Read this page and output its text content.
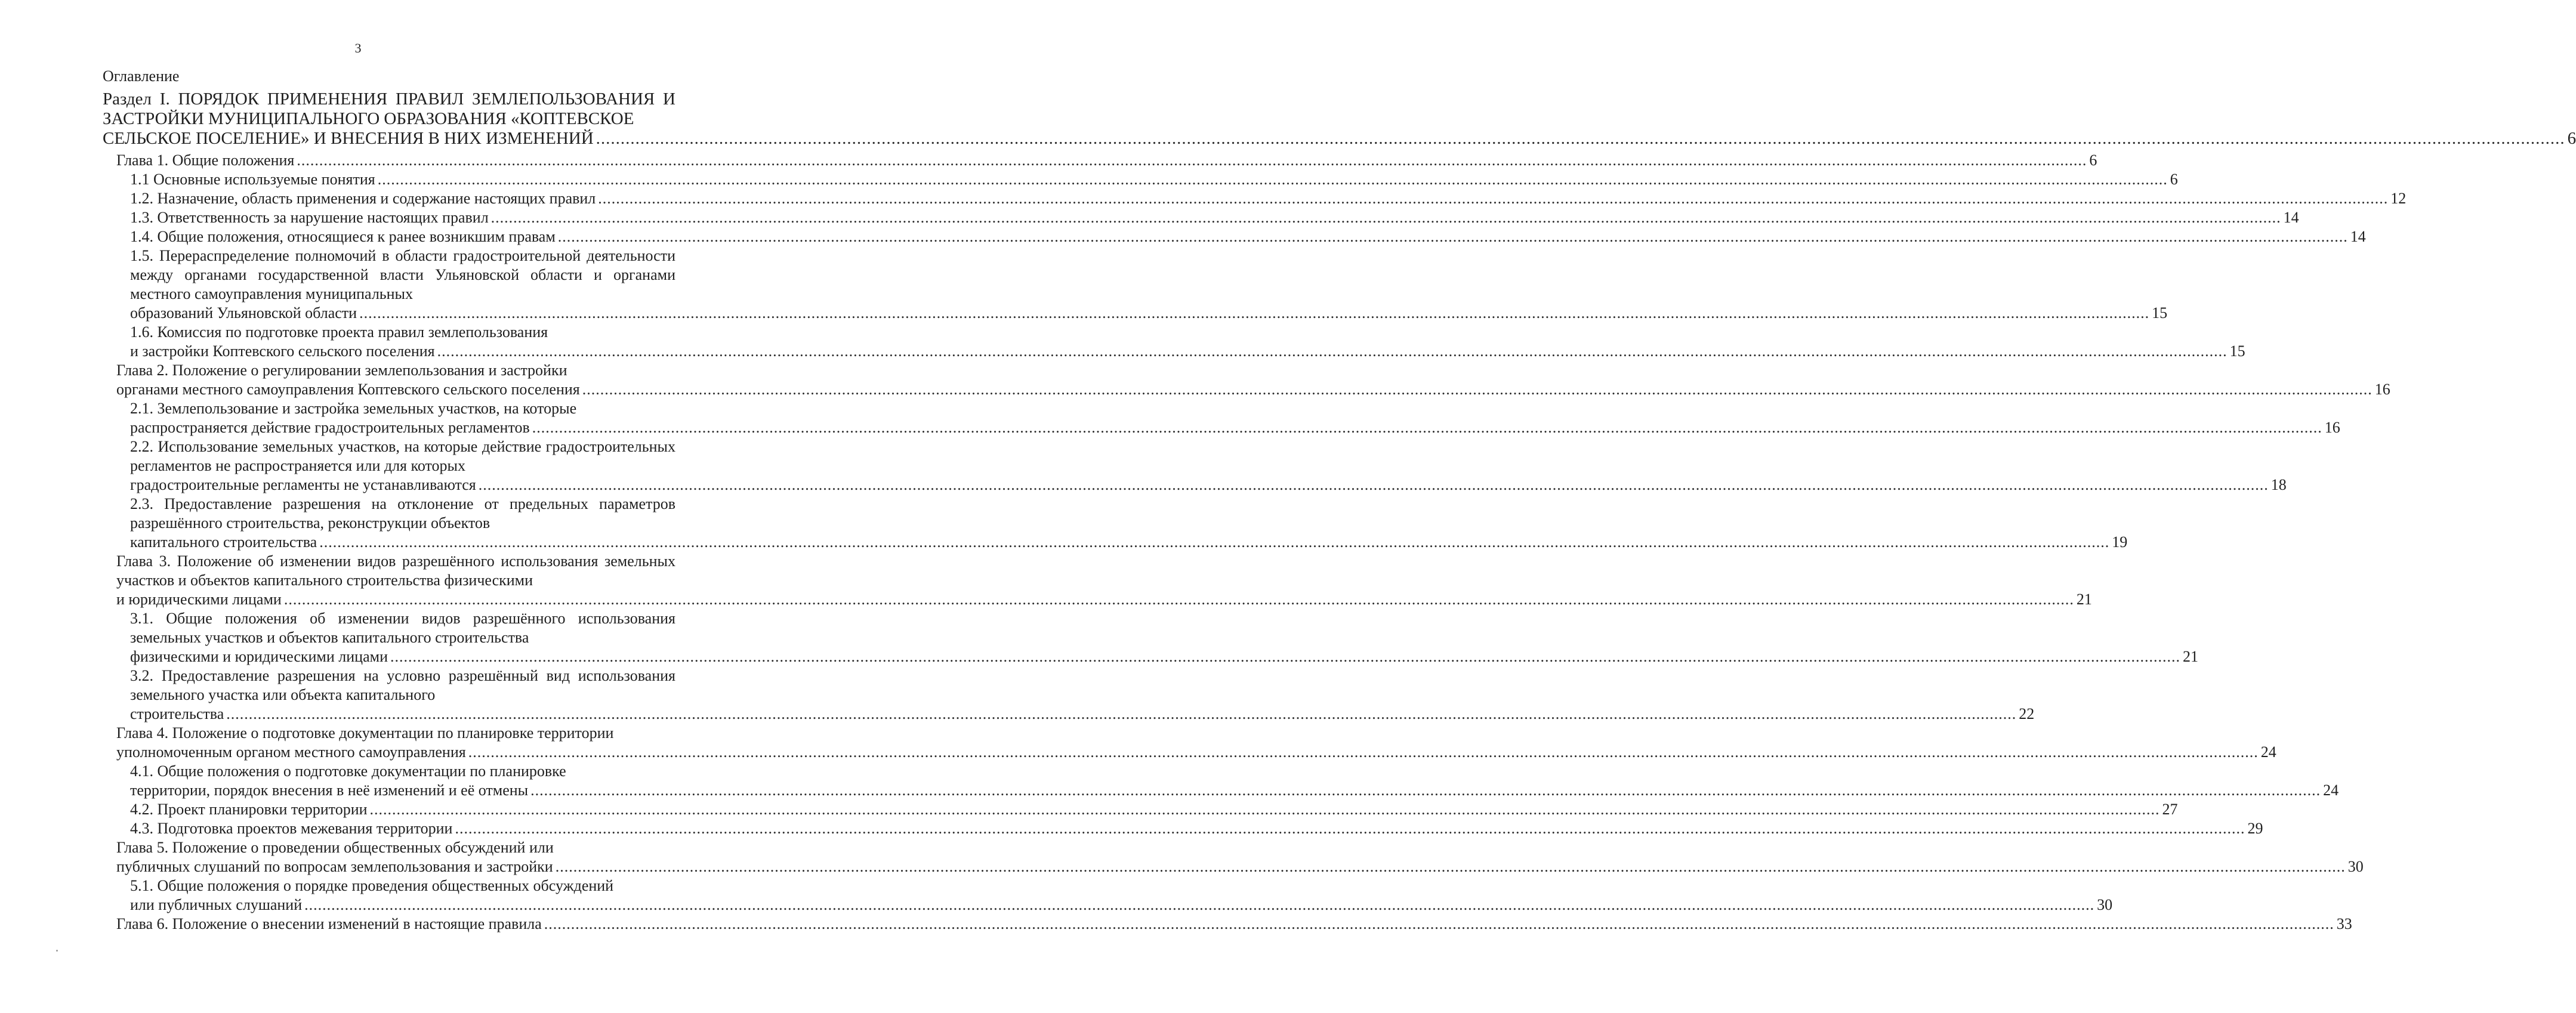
3
Оглавление
Раздел I. ПОРЯДОК ПРИМЕНЕНИЯ ПРАВИЛ ЗЕМЛЕПОЛЬЗОВАНИЯ И ЗАСТРОЙКИ МУНИЦИПАЛЬНОГО ОБРАЗОВАНИЯ «КОПТЕВСКОЕ
СЕЛЬСКОЕ ПОСЕЛЕНИЕ» И ВНЕСЕНИЯ В НИХ ИЗМЕНЕНИЙ ................................................................................................................................................................................................................................................................................................................................................................................................................ 6
Глава 1. Общие положения ................................................................................................................................................................................................................................................................................................................................................................................................................ 6
1.1 Основные используемые понятия ................................................................................................................................................................................................................................................................................................................................................................................................................ 6
1.2. Назначение, область применения и содержание настоящих правил ................................................................................................................................................................................................................................................................................................................................................................................................................ 12
1.3. Ответственность за нарушение настоящих правил ................................................................................................................................................................................................................................................................................................................................................................................................................ 14
1.4. Общие положения, относящиеся к ранее возникшим правам ................................................................................................................................................................................................................................................................................................................................................................................................................ 14
1.5. Перераспределение полномочий в области градостроительной деятельности между органами государственной власти Ульяновской области и органами местного самоуправления муниципальных
образований Ульяновской области ................................................................................................................................................................................................................................................................................................................................................................................................................ 15
1.6. Комиссия по подготовке проекта правил землепользования
и застройки Коптевского сельского поселения ................................................................................................................................................................................................................................................................................................................................................................................................................ 15
Глава 2. Положение о регулировании землепользования и застройки
органами местного самоуправления Коптевского сельского поселения ................................................................................................................................................................................................................................................................................................................................................................................................................ 16
2.1. Землепользование и застройка земельных участков, на которые
распространяется действие градостроительных регламентов ................................................................................................................................................................................................................................................................................................................................................................................................................ 16
2.2. Использование земельных участков, на которые действие градостроительных регламентов не распространяется или для которых
градостроительные регламенты не устанавливаются ................................................................................................................................................................................................................................................................................................................................................................................................................ 18
2.3. Предоставление разрешения на отклонение от предельных параметров разрешённого строительства, реконструкции объектов
капитального строительства ................................................................................................................................................................................................................................................................................................................................................................................................................ 19
Глава 3. Положение об изменении видов разрешённого использования земельных участков и объектов капитального строительства физическими
и юридическими лицами ................................................................................................................................................................................................................................................................................................................................................................................................................ 21
3.1. Общие положения об изменении видов разрешённого использования земельных участков и объектов капитального строительства
физическими и юридическими лицами ................................................................................................................................................................................................................................................................................................................................................................................................................ 21
3.2. Предоставление разрешения на условно разрешённый вид использования земельного участка или объекта капитального
строительства ................................................................................................................................................................................................................................................................................................................................................................................................................ 22
Глава 4. Положение о подготовке документации по планировке территории
уполномоченным органом местного самоуправления ................................................................................................................................................................................................................................................................................................................................................................................................................ 24
4.1. Общие положения о подготовке документации по планировке
территории, порядок внесения в неё изменений и её отмены ................................................................................................................................................................................................................................................................................................................................................................................................................ 24
4.2. Проект планировки территории ................................................................................................................................................................................................................................................................................................................................................................................................................ 27
4.3. Подготовка проектов межевания территории ................................................................................................................................................................................................................................................................................................................................................................................................................ 29
Глава 5. Положение о проведении общественных обсуждений или
публичных слушаний по вопросам землепользования и застройки ................................................................................................................................................................................................................................................................................................................................................................................................................ 30
5.1. Общие положения о порядке проведения общественных обсуждений
или публичных слушаний ................................................................................................................................................................................................................................................................................................................................................................................................................ 30
Глава 6. Положение о внесении изменений в настоящие правила ................................................................................................................................................................................................................................................................................................................................................................................................................ 33
